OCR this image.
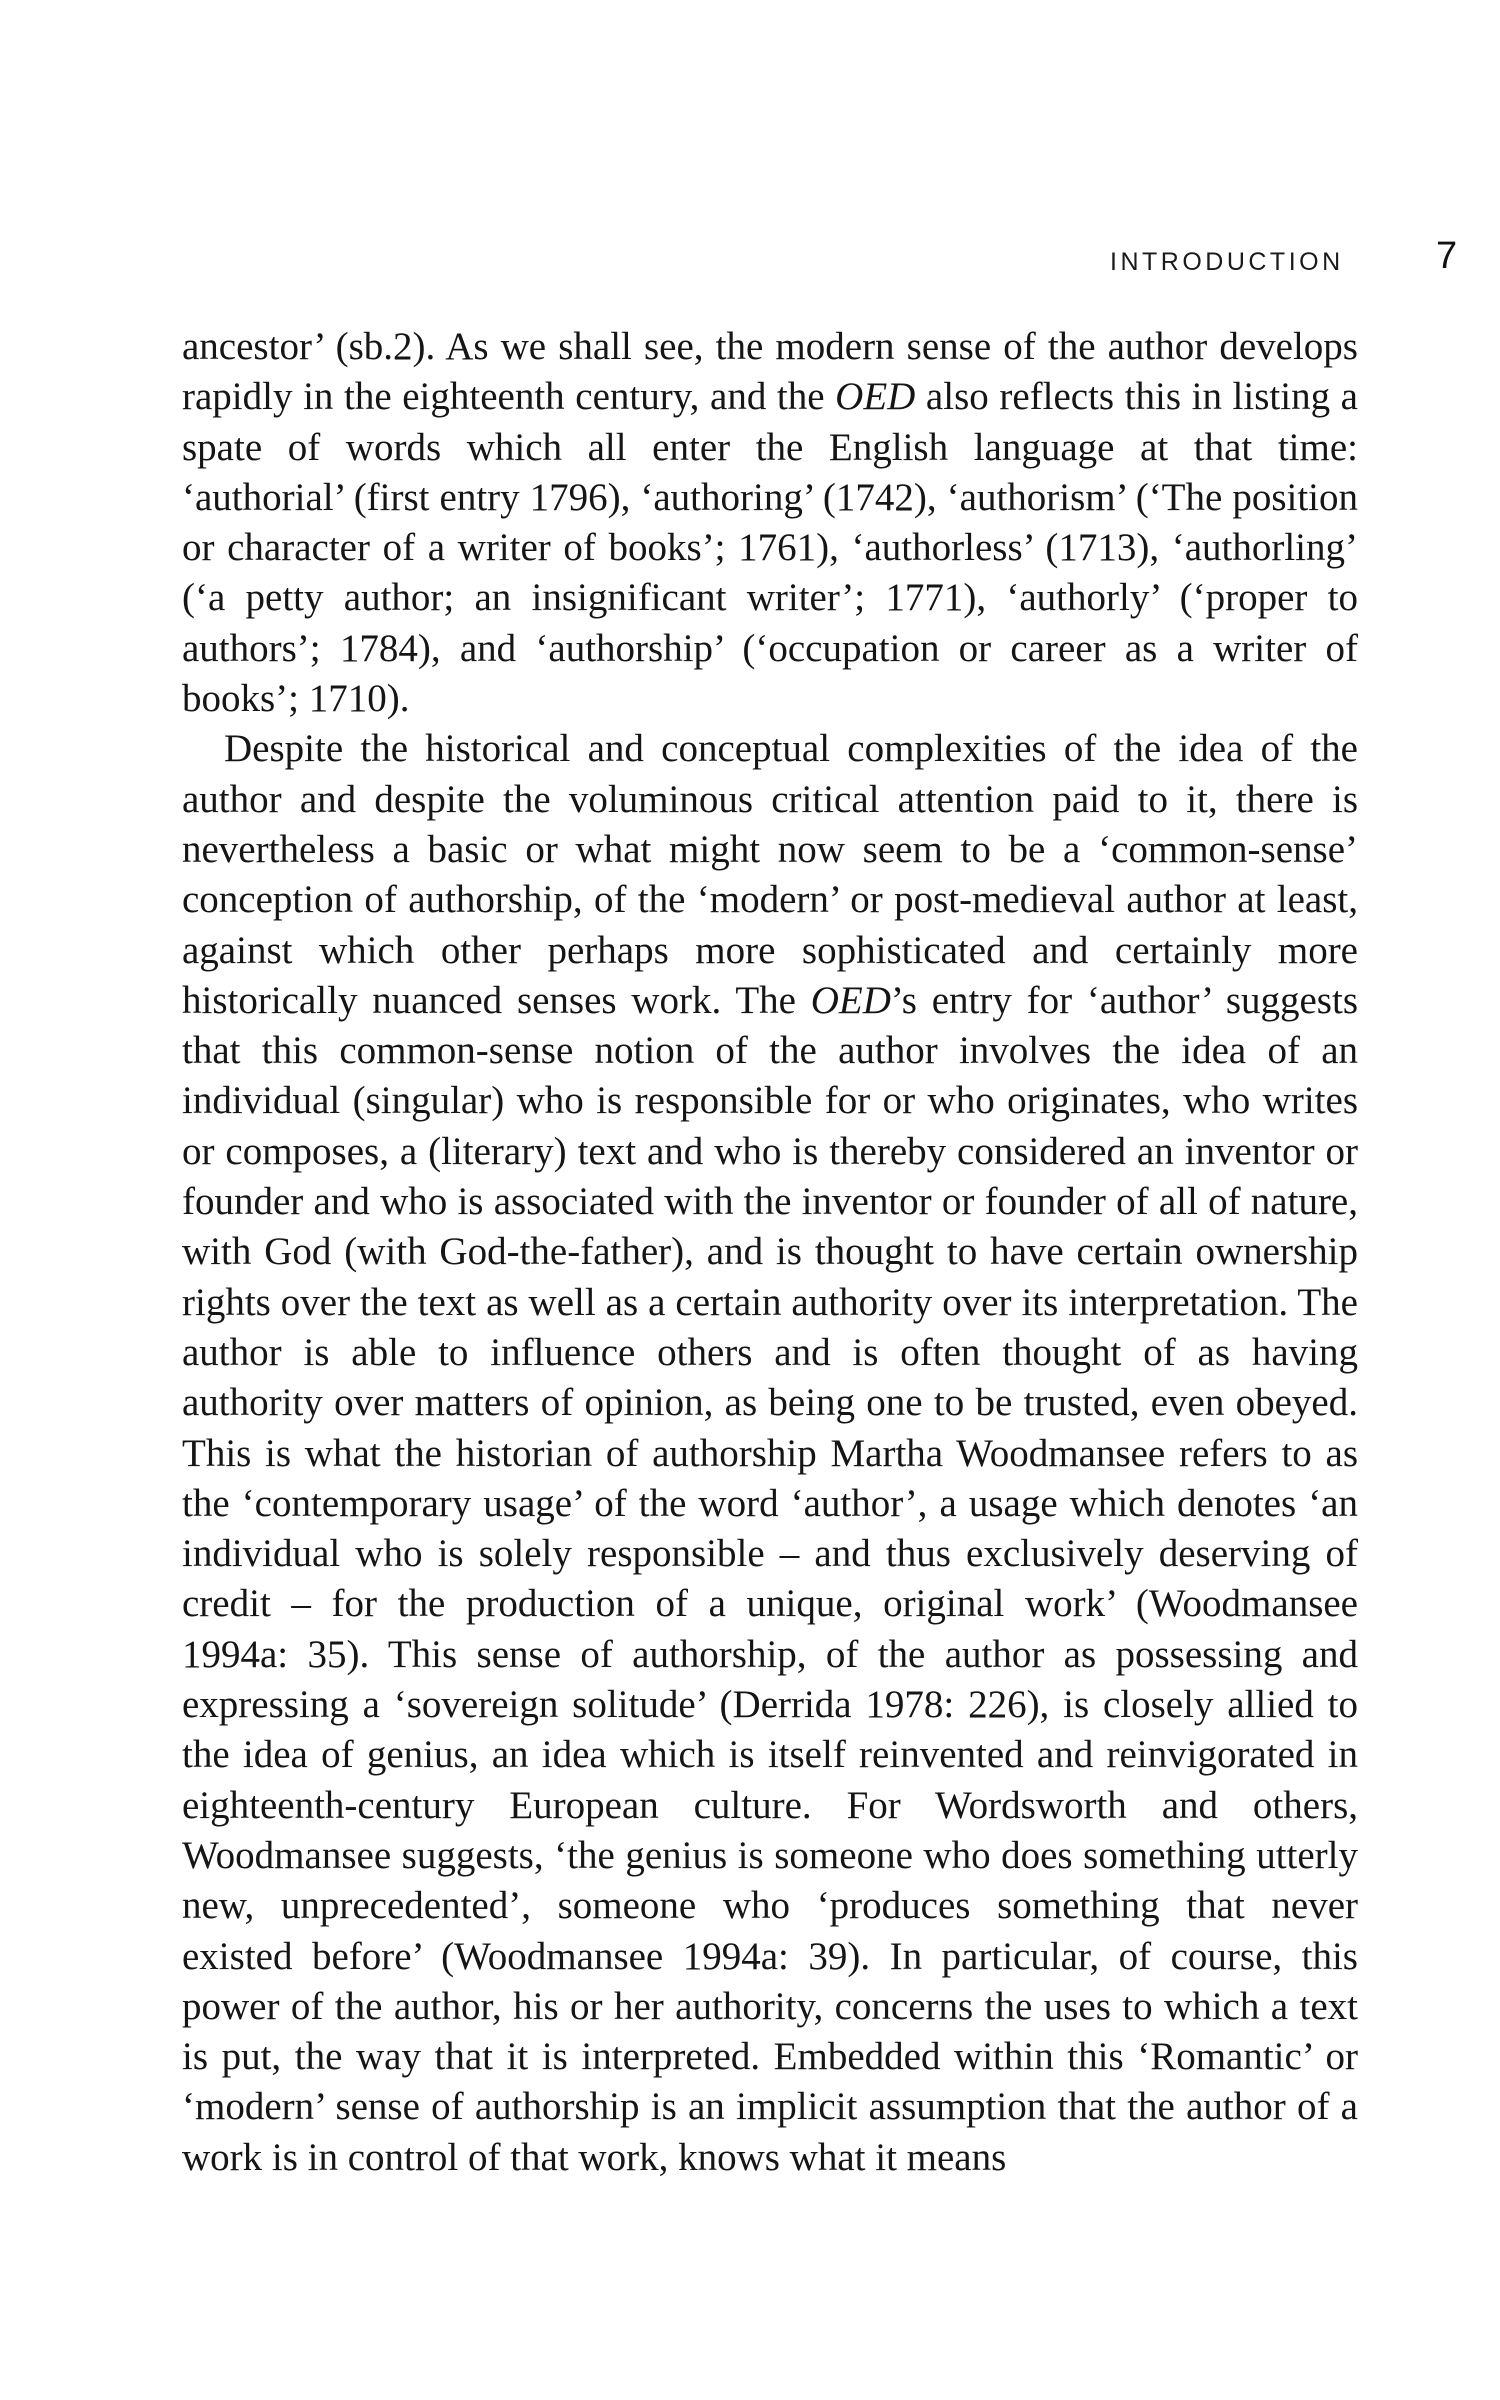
INTRODUCTION 7

ancestor’ (sb.2). As we shall see, the modern sense of the author develops rapidly in the eighteenth century, and the OED also reflects this in listing a spate of words which all enter the English language at that time: ‘authorial’ (first entry 1796), ‘authoring’ (1742), ‘authorism’ (‘The position or character of a writer of books’; 1761), ‘authorless’ (1713), ‘authorling’ (‘a petty author; an insignificant writer’; 1771), ‘authorly’ (‘proper to authors’; 1784), and ‘authorship’ (‘occupation or career as a writer of books’; 1710).

Despite the historical and conceptual complexities of the idea of the author and despite the voluminous critical attention paid to it, there is nevertheless a basic or what might now seem to be a ‘common-sense’ conception of authorship, of the ‘modern’ or post-medieval author at least, against which other perhaps more sophisticated and certainly more historically nuanced senses work. The OED’s entry for ‘author’ suggests that this common-sense notion of the author involves the idea of an individual (singular) who is responsible for or who originates, who writes or composes, a (literary) text and who is thereby considered an inventor or founder and who is associated with the inventor or founder of all of nature, with God (with God-the-father), and is thought to have certain ownership rights over the text as well as a certain authority over its interpretation. The author is able to influence others and is often thought of as having authority over matters of opinion, as being one to be trusted, even obeyed. This is what the historian of authorship Martha Woodmansee refers to as the ‘contemporary usage’ of the word ‘author’, a usage which denotes ‘an individual who is solely responsible – and thus exclusively deserving of credit – for the production of a unique, original work’ (Woodmansee 1994a: 35). This sense of authorship, of the author as possessing and expressing a ‘sovereign solitude’ (Derrida 1978: 226), is closely allied to the idea of genius, an idea which is itself reinvented and reinvigorated in eighteenth-century European culture. For Wordsworth and others, Woodmansee suggests, ‘the genius is someone who does something utterly new, unprecedented’, someone who ‘produces something that never existed before’ (Woodmansee 1994a: 39). In particular, of course, this power of the author, his or her authority, concerns the uses to which a text is put, the way that it is interpreted. Embedded within this ‘Romantic’ or ‘modern’ sense of authorship is an implicit assumption that the author of a work is in control of that work, knows what it means
